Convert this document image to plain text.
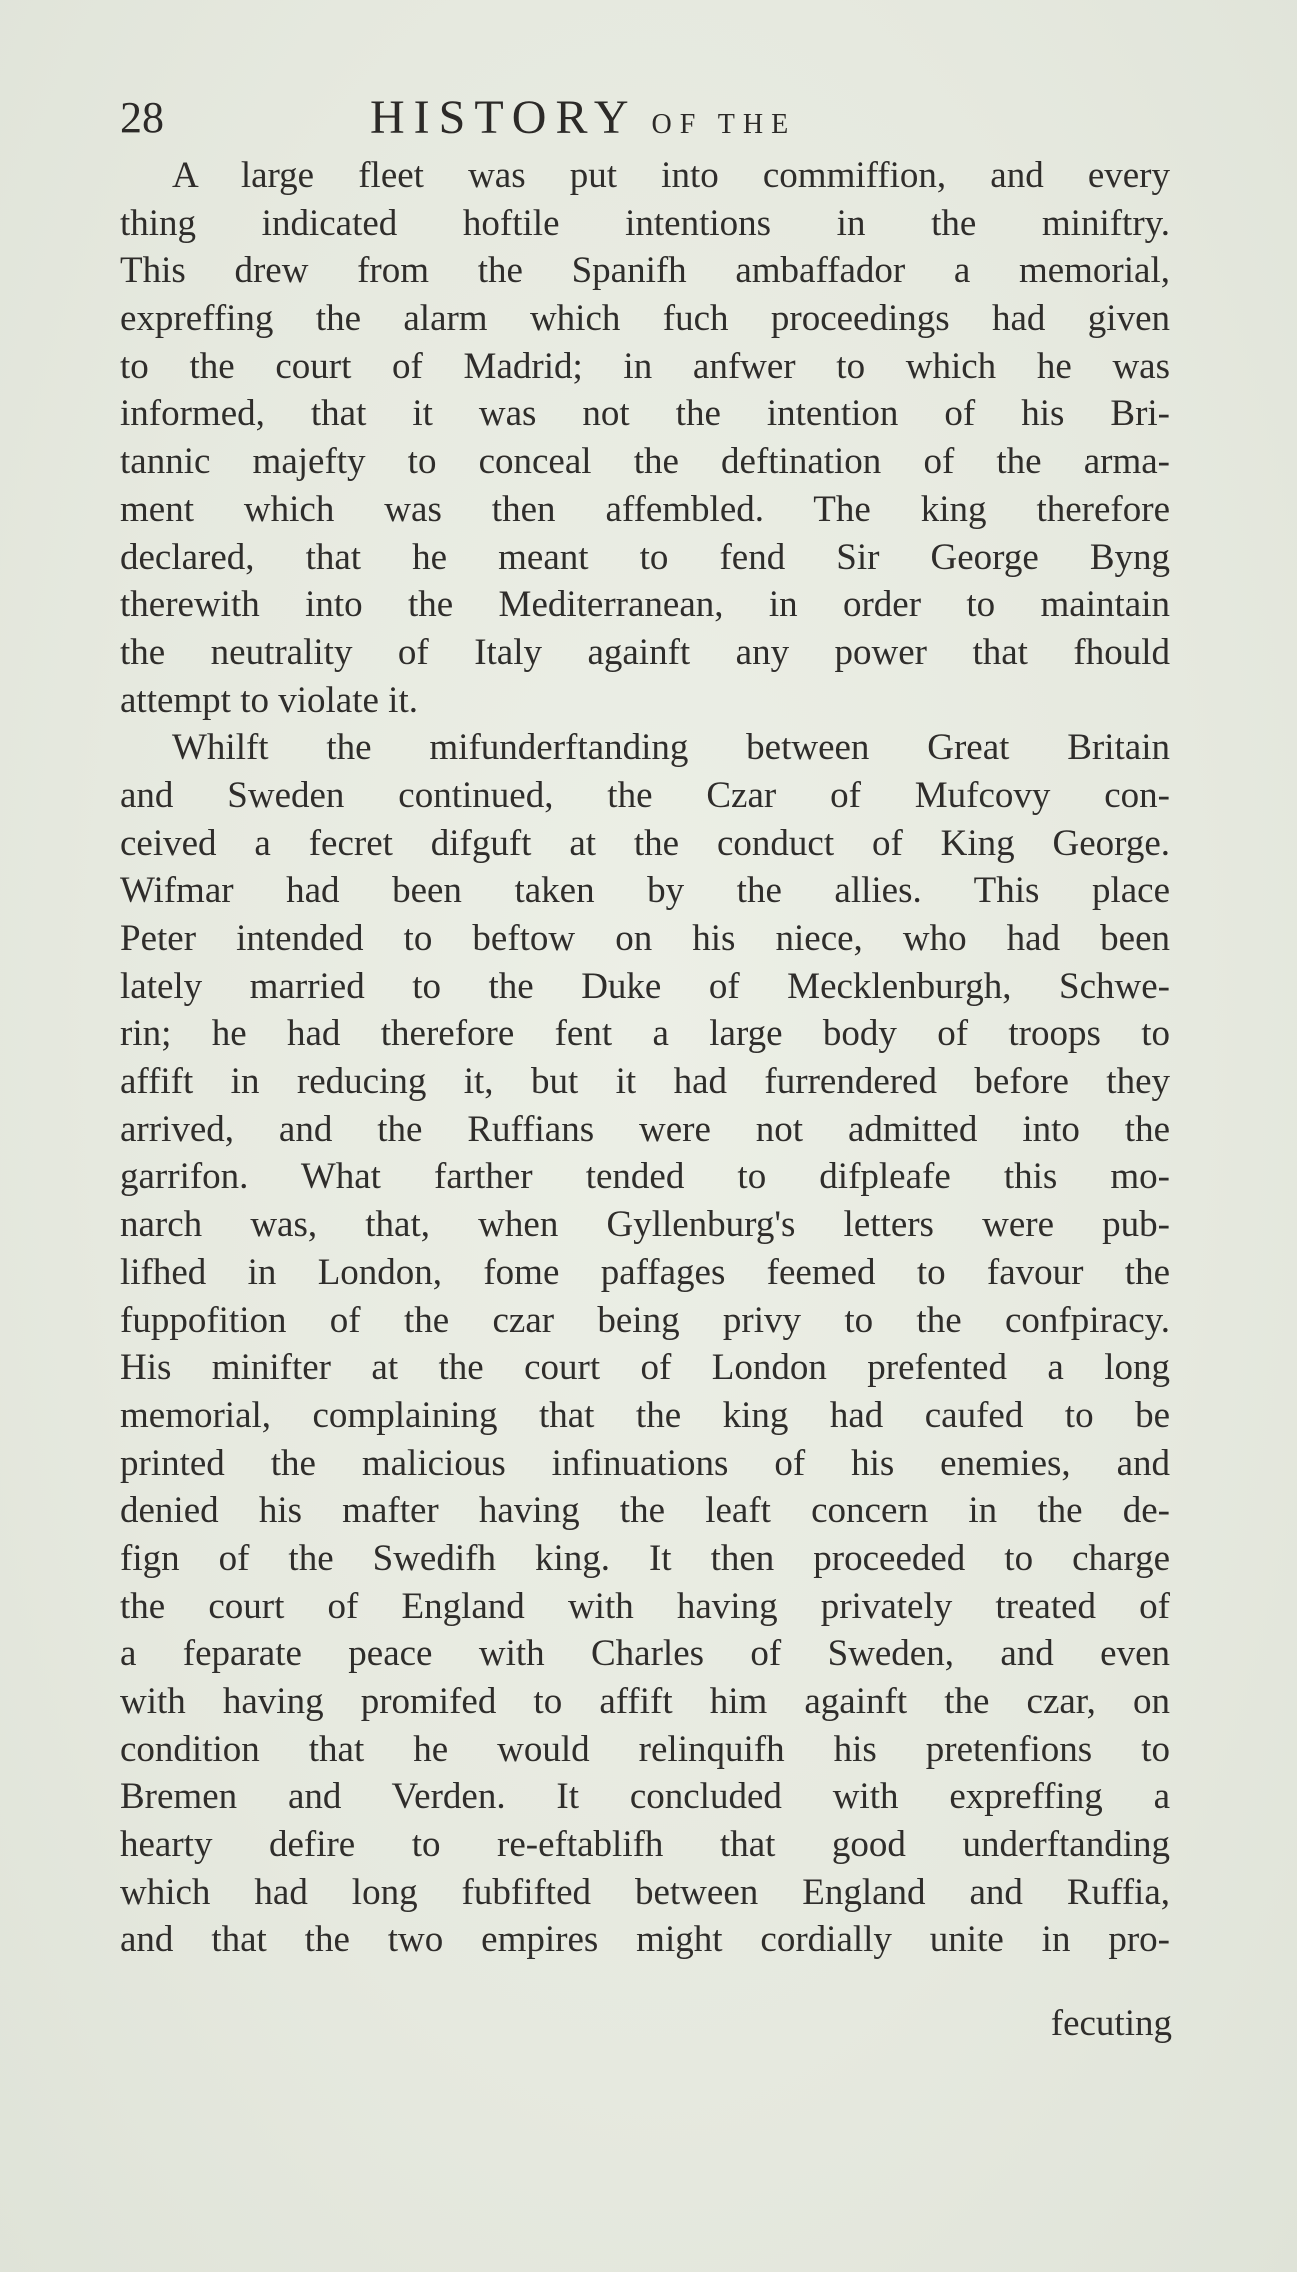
28	HISTORY OF THE
A large fleet was put into commiffion, and every
thing indicated hoftile intentions in the miniftry.
This drew from the Spanifh ambaffador a memorial,
expreffing the alarm which fuch proceedings had given
to the court of Madrid; in anfwer to which he was
informed, that it was not the intention of his Bri-
tannic majefty to conceal the deftination of the arma-
ment which was then affembled. The king therefore
declared, that he meant to fend Sir George Byng
therewith into the Mediterranean, in order to maintain
the neutrality of Italy againft any power that fhould
attempt to violate it.
Whilft the mifunderftanding between Great Britain
and Sweden continued, the Czar of Mufcovy con-
ceived a fecret difguft at the conduct of King George.
Wifmar had been taken by the allies. This place
Peter intended to beftow on his niece, who had been
lately married to the Duke of Mecklenburgh, Schwe-
rin; he had therefore fent a large body of troops to
affift in reducing it, but it had furrendered before they
arrived, and the Ruffians were not admitted into the
garrifon. What farther tended to difpleafe this mo-
narch was, that, when Gyllenburg's letters were pub-
lifhed in London, fome paffages feemed to favour the
fuppofition of the czar being privy to the confpiracy.
His minifter at the court of London prefented a long
memorial, complaining that the king had caufed to be
printed the malicious infinuations of his enemies, and
denied his mafter having the leaft concern in the de-
fign of the Swedifh king. It then proceeded to charge
the court of England with having privately treated of
a feparate peace with Charles of Sweden, and even
with having promifed to affift him againft the czar, on
condition that he would relinquifh his pretenfions to
Bremen and Verden. It concluded with expreffing a
hearty defire to re-eftablifh that good underftanding
which had long fubfifted between England and Ruffia,
and that the two empires might cordially unite in pro-
fecuting
